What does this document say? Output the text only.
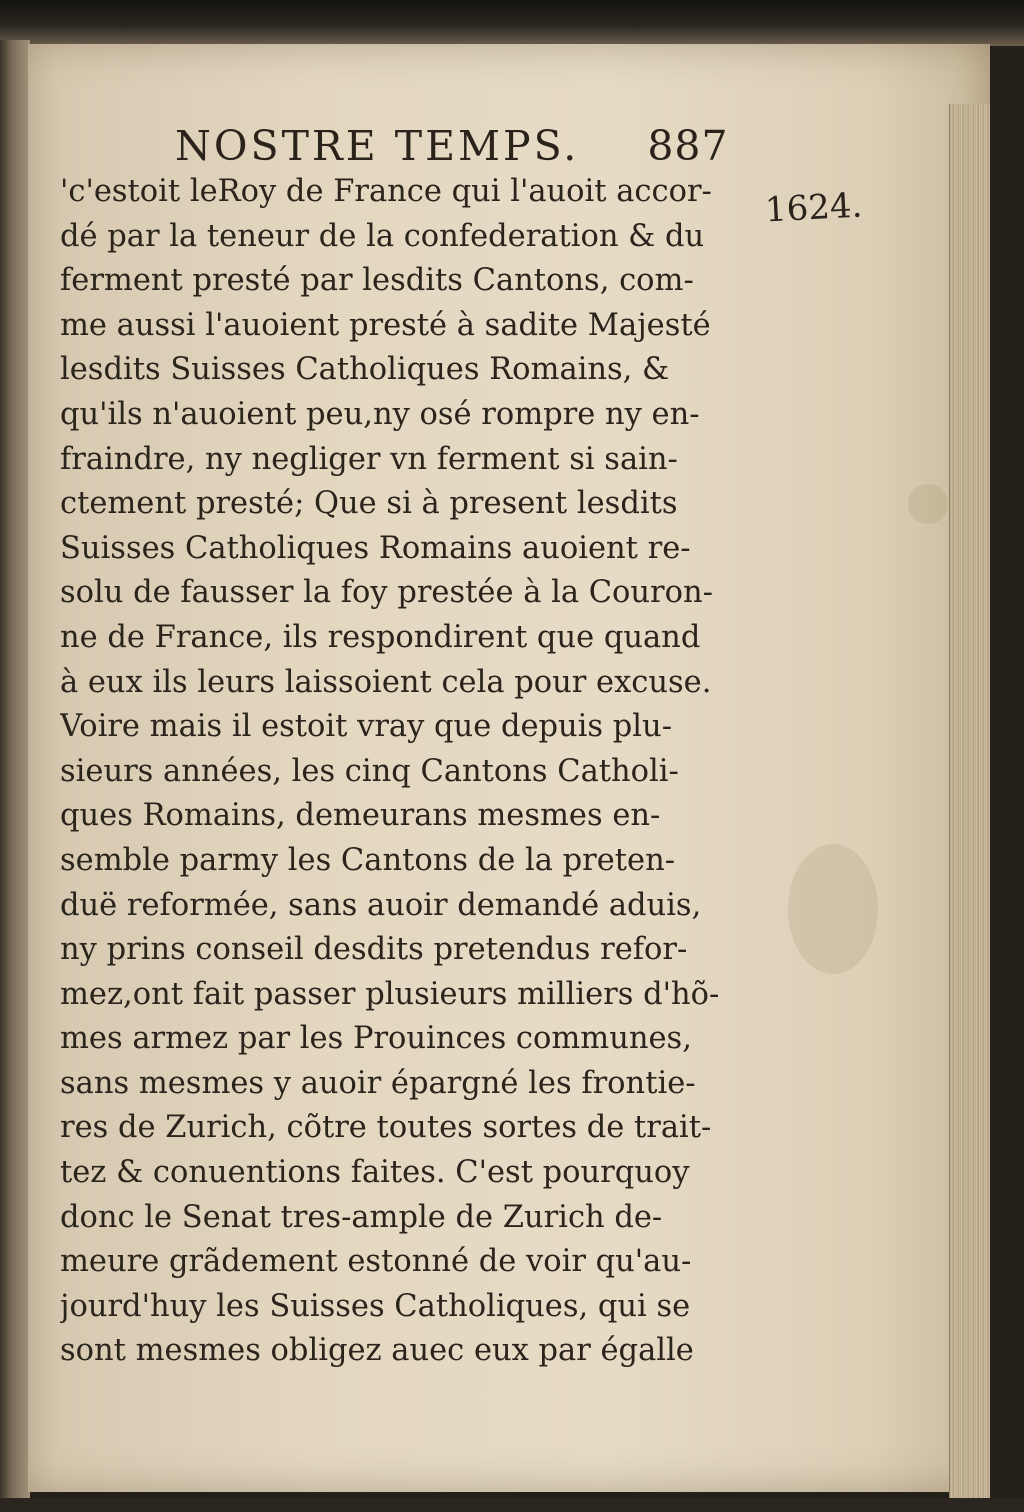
NOSTRE TEMPS. 887
1624.
'c'estoit leRoy de France qui l'auoit accor-
dé par la teneur de la confederation & du
ferment presté par lesdits Cantons, com-
me aussi l'auoient presté à sadite Majesté
lesdits Suisses Catholiques Romains, &
qu'ils n'auoient peu,ny osé rompre ny en-
fraindre, ny negliger vn ferment si sain-
ctement presté; Que si à present lesdits
Suisses Catholiques Romains auoient re-
solu de fausser la foy prestée à la Couron-
ne de France, ils respondirent que quand
à eux ils leurs laissoient cela pour excuse.
Voire mais il estoit vray que depuis plu-
sieurs années, les cinq Cantons Catholi-
ques Romains, demeurans mesmes en-
semble parmy les Cantons de la preten-
duë reformée, sans auoir demandé aduis,
ny prins conseil desdits pretendus refor-
mez,ont fait passer plusieurs milliers d'hõ-
mes armez par les Prouinces communes,
sans mesmes y auoir épargné les frontie-
res de Zurich, cõtre toutes sortes de trait-
tez & conuentions faites. C'est pourquoy
donc le Senat tres-ample de Zurich de-
meure grãdement estonné de voir qu'au-
jourd'huy les Suisses Catholiques, qui se
sont mesmes obligez auec eux par égalle
